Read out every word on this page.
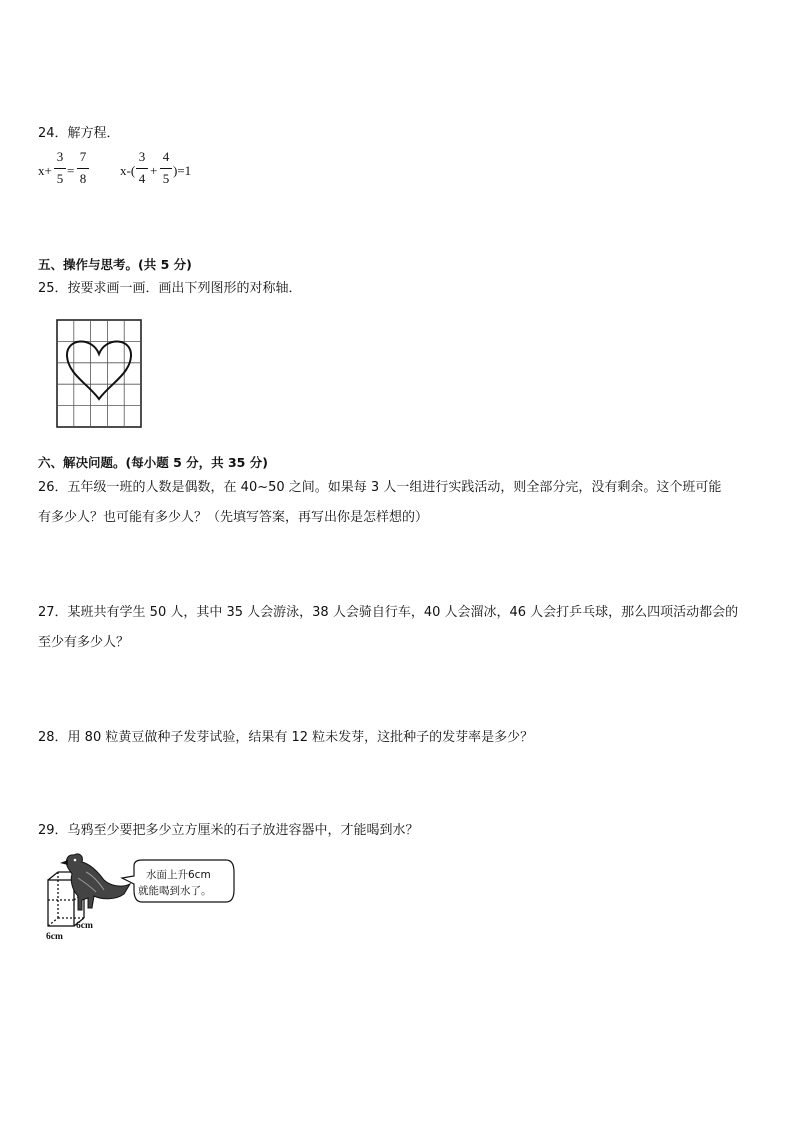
24．解方程．
x+
3
5
=
7
8
x-(
3
4
+
4
5
)=1
五、操作与思考。(共 5 分)
25．按要求画一画．画出下列图形的对称轴．
六、解决问题。(每小题 5 分，共 35 分)
26．五年级一班的人数是偶数，在 40~50 之间。如果每 3 人一组进行实践活动，则全部分完，没有剩余。这个班可能
有多少人？也可能有多少人？（先填写答案，再写出你是怎样想的）
27．某班共有学生 50 人，其中 35 人会游泳，38 人会骑自行车，40 人会溜冰，46 人会打乒乓球，那么四项活动都会的
至少有多少人？
28．用 80 粒黄豆做种子发芽试验，结果有 12 粒未发芽，这批种子的发芽率是多少？
29．乌鸦至少要把多少立方厘米的石子放进容器中，才能喝到水？
水面上升6cm
就能喝到水了。
6cm
6cm
